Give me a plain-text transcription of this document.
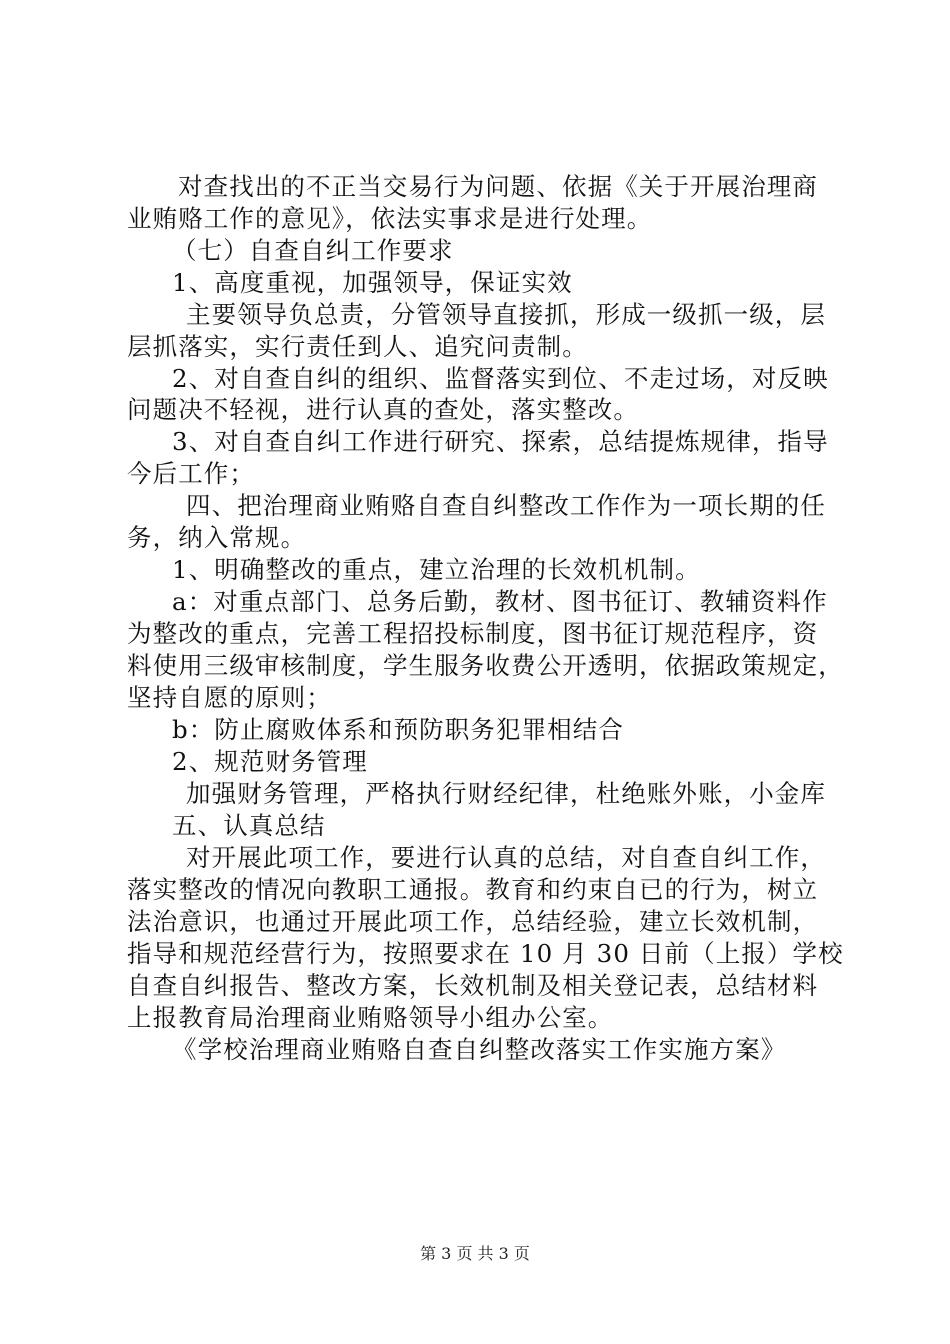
对查找出的不正当交易行为问题、依据《关于开展治理商
业贿赂工作的意见》，依法实事求是进行处理。
（七）自查自纠工作要求
1、高度重视，加强领导，保证实效
主要领导负总责，分管领导直接抓，形成一级抓一级，层
层抓落实，实行责任到人、追究问责制。
2、对自查自纠的组织、监督落实到位、不走过场，对反映
问题决不轻视，进行认真的查处，落实整改。
3、对自查自纠工作进行研究、探索，总结提炼规律，指导
今后工作；
四、把治理商业贿赂自查自纠整改工作作为一项长期的任
务，纳入常规。
1、明确整改的重点，建立治理的长效机机制。
a：对重点部门、总务后勤，教材、图书征订、教辅资料作
为整改的重点，完善工程招投标制度，图书征订规范程序，资
料使用三级审核制度，学生服务收费公开透明，依据政策规定，
坚持自愿的原则；
b：防止腐败体系和预防职务犯罪相结合
2、规范财务管理
加强财务管理，严格执行财经纪律，杜绝账外账，小金库
五、认真总结
对开展此项工作，要进行认真的总结，对自查自纠工作，
落实整改的情况向教职工通报。教育和约束自已的行为，树立
法治意识，也通过开展此项工作，总结经验，建立长效机制，
指导和规范经营行为，按照要求在 10 月 30 日前（上报）学校
自查自纠报告、整改方案，长效机制及相关登记表，总结材料
上报教育局治理商业贿赂领导小组办公室。
《学校治理商业贿赂自查自纠整改落实工作实施方案》
第 3 页 共 3 页
